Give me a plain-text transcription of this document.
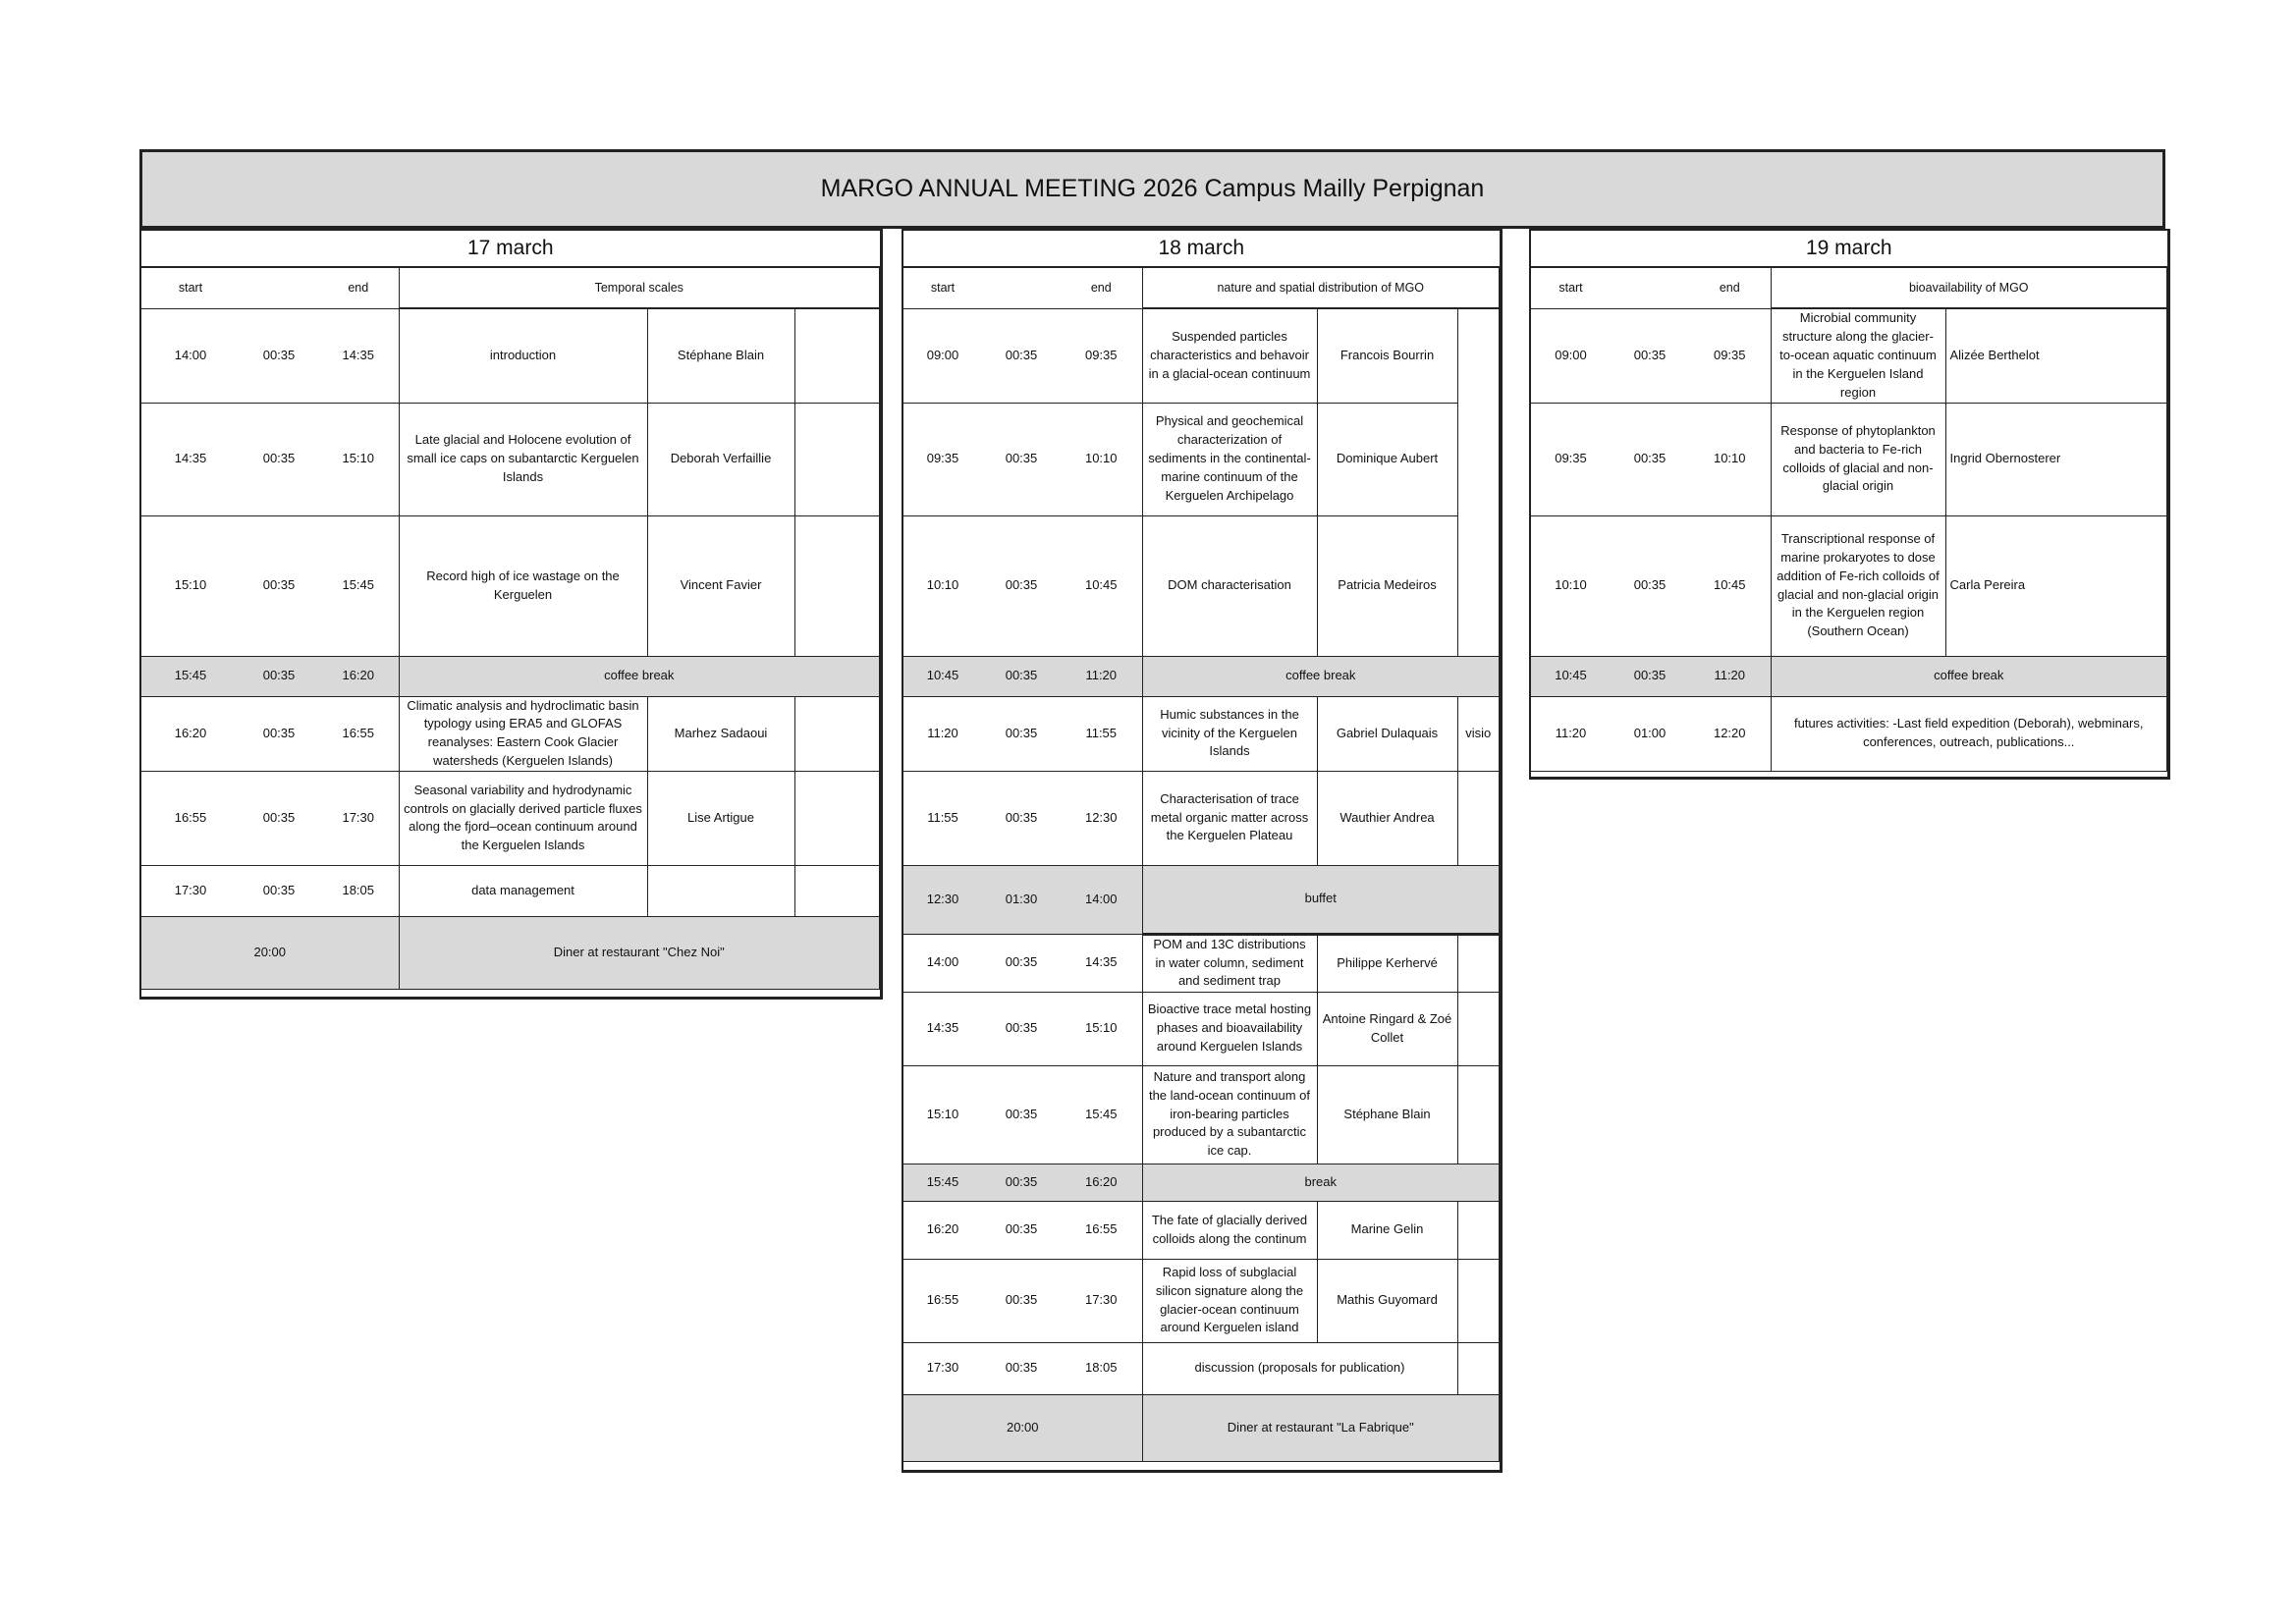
MARGO ANNUAL MEETING 2026 Campus Mailly Perpignan
17 march					
start		end	Temporal scales		
14:00	00:35	14:35	introduction	Stéphane Blain	
14:35	00:35	15:10	Late glacial and Holocene evolution of small ice caps on subantarctic Kerguelen Islands	Deborah Verfaillie	
15:10	00:35	15:45	Record high of ice wastage on the Kerguelen	Vincent Favier	
15:45	00:35	16:20	coffee break		
16:20	00:35	16:55	Climatic analysis and hydroclimatic basin typology using ERA5 and GLOFAS reanalyses: Eastern Cook Glacier watersheds (Kerguelen Islands)	Marhez Sadaoui	
16:55	00:35	17:30	Seasonal variability and hydrodynamic controls on glacially derived particle fluxes along the fjord–ocean continuum around the Kerguelen Islands	Lise Artigue	
17:30	00:35	18:05	data management		
20:00			Diner at restaurant "Chez Noi"		
18 march					
start		end	nature and spatial distribution of MGO		
09:00	00:35	09:35	Suspended particles characteristics and behavoir in a glacial-ocean continuum	Francois Bourrin	
09:35	00:35	10:10	Physical and geochemical characterization of sediments in the continental-marine continuum of the Kerguelen Archipelago	Dominique Aubert	
10:10	00:35	10:45	DOM characterisation	Patricia Medeiros	
10:45	00:35	11:20	coffee break		
11:20	00:35	11:55	Humic substances in the vicinity of the Kerguelen Islands	Gabriel Dulaquais	visio
11:55	00:35	12:30	Characterisation of trace metal organic matter across the Kerguelen Plateau	Wauthier Andrea	
12:30	01:30	14:00	buffet		
14:00	00:35	14:35	POM and 13C distributions in water column, sediment and sediment trap	Philippe Kerhervé	
14:35	00:35	15:10	Bioactive trace metal hosting phases and bioavailability around Kerguelen Islands	Antoine Ringard & Zoé Collet	
15:10	00:35	15:45	Nature and transport along the land-ocean continuum of iron-bearing particles produced by a subantarctic ice cap.	Stéphane Blain	
15:45	00:35	16:20	break		
16:20	00:35	16:55	The fate of glacially derived colloids along the continum	Marine Gelin	
16:55	00:35	17:30	Rapid loss of subglacial silicon signature along the glacier-ocean continuum around Kerguelen island	Mathis Guyomard	
17:30	00:35	18:05	discussion (proposals for publication)		
20:00			Diner at restaurant "La Fabrique"		
19 march				
start		end	bioavailability of MGO	
09:00	00:35	09:35	Microbial community structure along the glacier-to-ocean aquatic continuum in the Kerguelen Island region	Alizée Berthelot
09:35	00:35	10:10	Response of phytoplankton and bacteria to Fe-rich colloids of glacial and non-glacial origin	Ingrid Obernosterer
10:10	00:35	10:45	Transcriptional response of marine prokaryotes to dose addition of Fe-rich colloids of glacial and non-glacial origin in the Kerguelen region (Southern Ocean)	Carla Pereira
10:45	00:35	11:20	coffee break	
11:20	01:00	12:20	futures activities: -Last field expedition (Deborah), webminars, conferences, outreach, publications...	
